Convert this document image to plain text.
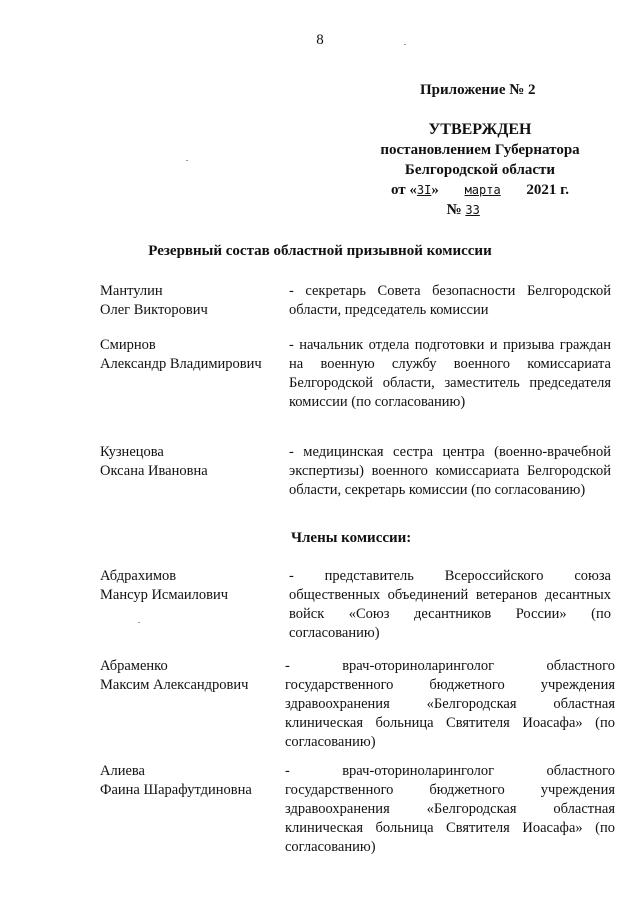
8
Приложение № 2
УТВЕРЖДЕН
постановлением Губернатора
Белгородской области
от «3I» марта 2021 г.
№ 33
Резервный состав областной призывной комиссии
Мантулин
Олег Викторович
- секретарь Совета безопасности Белгородской области, председатель комиссии
Смирнов
Александр Владимирович
- начальник отдела подготовки и призыва граждан на военную службу военного комиссариата Белгородской области, заместитель председателя комиссии (по согласованию)
Кузнецова
Оксана Ивановна
- медицинская сестра центра (военно-врачебной экспертизы) военного комиссариата Белгородской области, секретарь комиссии (по согласованию)
Члены комиссии:
Абдрахимов
Мансур Исмаилович
- представитель Всероссийского союза общественных объединений ветеранов десантных войск «Союз десантников России» (по согласованию)
Абраменко
Максим Александрович
- врач-оториноларинголог областного государственного бюджетного учреждения здравоохранения «Белгородская областная клиническая больница Святителя Иоасафа» (по согласованию)
Алиева
Фаина Шарафутдиновна
- врач-оториноларинголог областного государственного бюджетного учреждения здравоохранения «Белгородская областная клиническая больница Святителя Иоасафа» (по согласованию)
